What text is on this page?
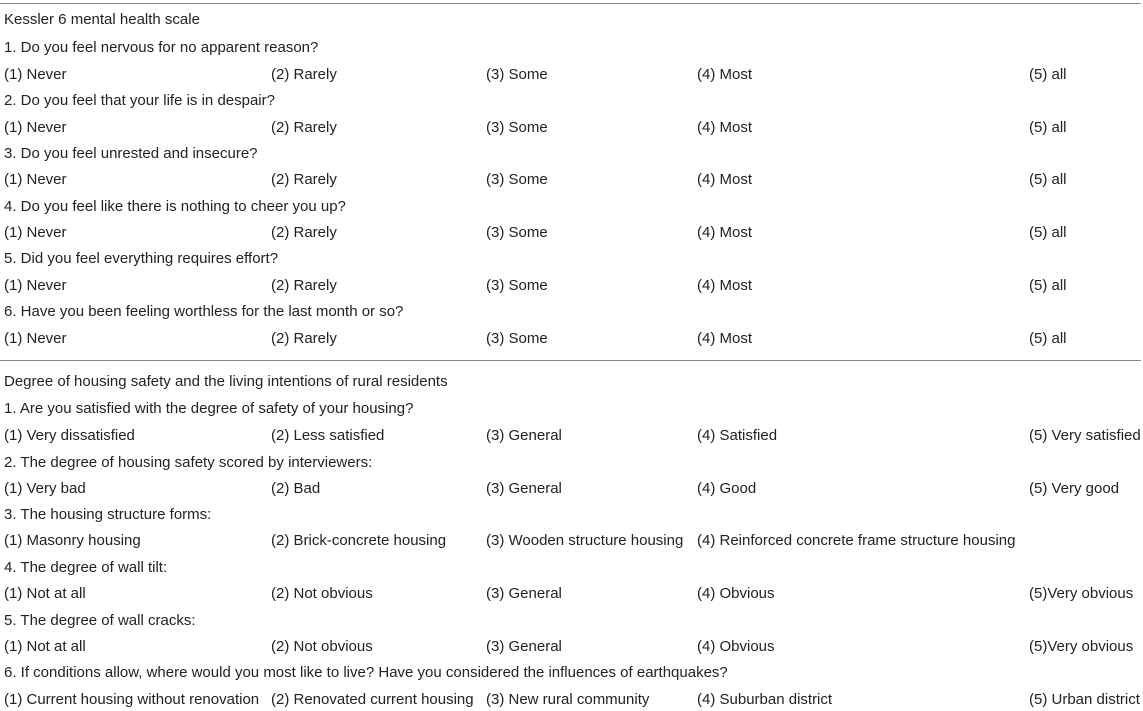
Kessler 6 mental health scale
1. Do you feel nervous for no apparent reason?
(1) Never	(2) Rarely	(3) Some	(4) Most	(5) all
2. Do you feel that your life is in despair?
(1) Never	(2) Rarely	(3) Some	(4) Most	(5) all
3. Do you feel unrested and insecure?
(1) Never	(2) Rarely	(3) Some	(4) Most	(5) all
4. Do you feel like there is nothing to cheer you up?
(1) Never	(2) Rarely	(3) Some	(4) Most	(5) all
5. Did you feel everything requires effort?
(1) Never	(2) Rarely	(3) Some	(4) Most	(5) all
6. Have you been feeling worthless for the last month or so?
(1) Never	(2) Rarely	(3) Some	(4) Most	(5) all
Degree of housing safety and the living intentions of rural residents
1. Are you satisfied with the degree of safety of your housing?
(1) Very dissatisfied	(2) Less satisfied	(3) General	(4) Satisfied	(5) Very satisfied
2. The degree of housing safety scored by interviewers:
(1) Very bad	(2) Bad	(3) General	(4) Good	(5) Very good
3. The housing structure forms:
(1) Masonry housing	(2) Brick-concrete housing	(3) Wooden structure housing (4) Reinforced concrete frame structure housing
4. The degree of wall tilt:
(1) Not at all	(2) Not obvious	(3) General	(4) Obvious	(5)Very obvious
5. The degree of wall cracks:
(1) Not at all	(2) Not obvious	(3) General	(4) Obvious	(5)Very obvious
6. If conditions allow, where would you most like to live? Have you considered the influences of earthquakes?
(1) Current housing without renovation (2) Renovated current housing (3) New rural community	(4) Suburban district	(5) Urban district
